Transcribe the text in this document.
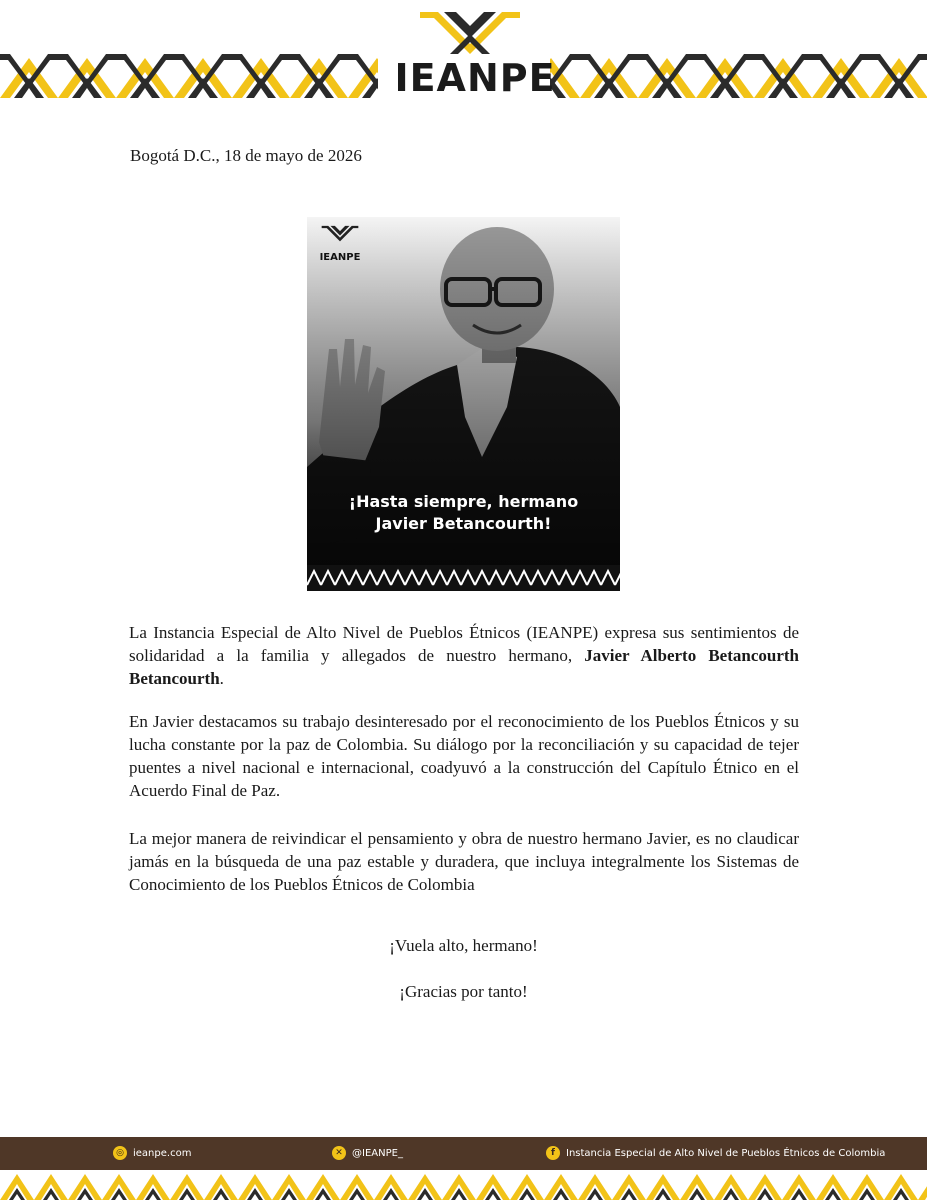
IEANPE
Bogotá D.C., 18 de mayo de 2026
IEANPE
¡Hasta siempre, hermano
Javier Betancourth!

La Instancia Especial de Alto Nivel de Pueblos Étnicos (IEANPE) expresa sus sentimientos de solidaridad a la familia y allegados de nuestro hermano, Javier Alberto Betancourth Betancourth.

En Javier destacamos su trabajo desinteresado por el reconocimiento de los Pueblos Étnicos y su lucha constante por la paz de Colombia. Su diálogo por la reconciliación y su capacidad de tejer puentes a nivel nacional e internacional, coadyuvó a la construcción del Capítulo Étnico en el Acuerdo Final de Paz.

La mejor manera de reivindicar el pensamiento y obra de nuestro hermano Javier, es no claudicar jamás en la búsqueda de una paz estable y duradera, que incluya integralmente los Sistemas de Conocimiento de los Pueblos Étnicos de Colombia

¡Vuela alto, hermano!
¡Gracias por tanto!
◎ ieanpe.com	✕ @IEANPE_	f	Instancia Especial de Alto Nivel de Pueblos Étnicos de Colombia
